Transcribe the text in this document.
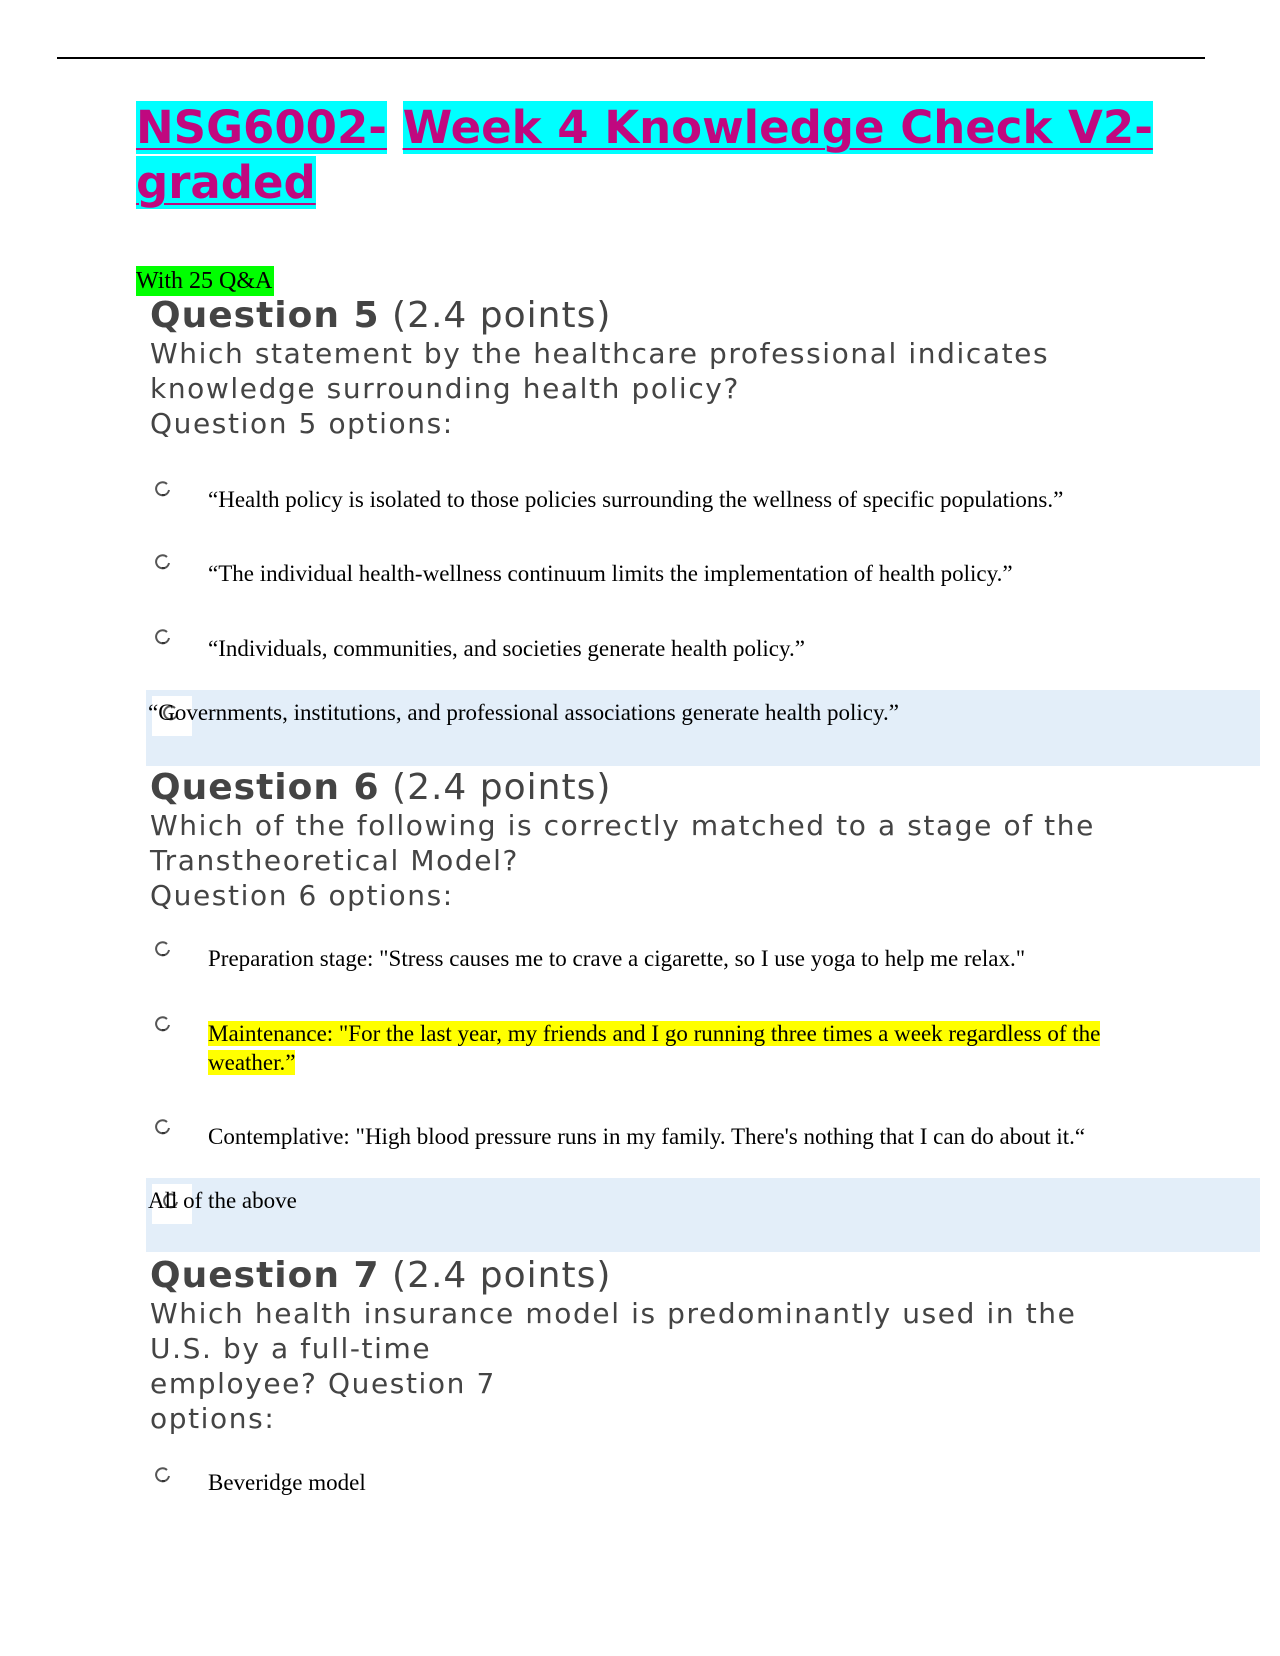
NSG6002- Week 4 Knowledge Check V2-graded
With 25 Q&A
Question 5 (2.4 points)

Which statement by the healthcare professional indicates knowledge surrounding health policy?

Question 5 options:
“Health policy is isolated to those policies surrounding the wellness of specific populations.”
“The individual health-wellness continuum limits the implementation of health policy.”
“Individuals, communities, and societies generate health policy.”
“Governments, institutions, and professional associations generate health policy.”
Question 6 (2.4 points)

Which of the following is correctly matched to a stage of the Transtheoretical Model?

Question 6 options:
Preparation stage: "Stress causes me to crave a cigarette, so I use yoga to help me relax."
Maintenance: "For the last year, my friends and I go running three times a week regardless of the weather.”
Contemplative: "High blood pressure runs in my family. There's nothing that I can do about it.“
All of the above
Question 7 (2.4 points)
Which health insurance model is predominantly used in the
U.S. by a full-time
employee? Question 7
options:
Beveridge model
